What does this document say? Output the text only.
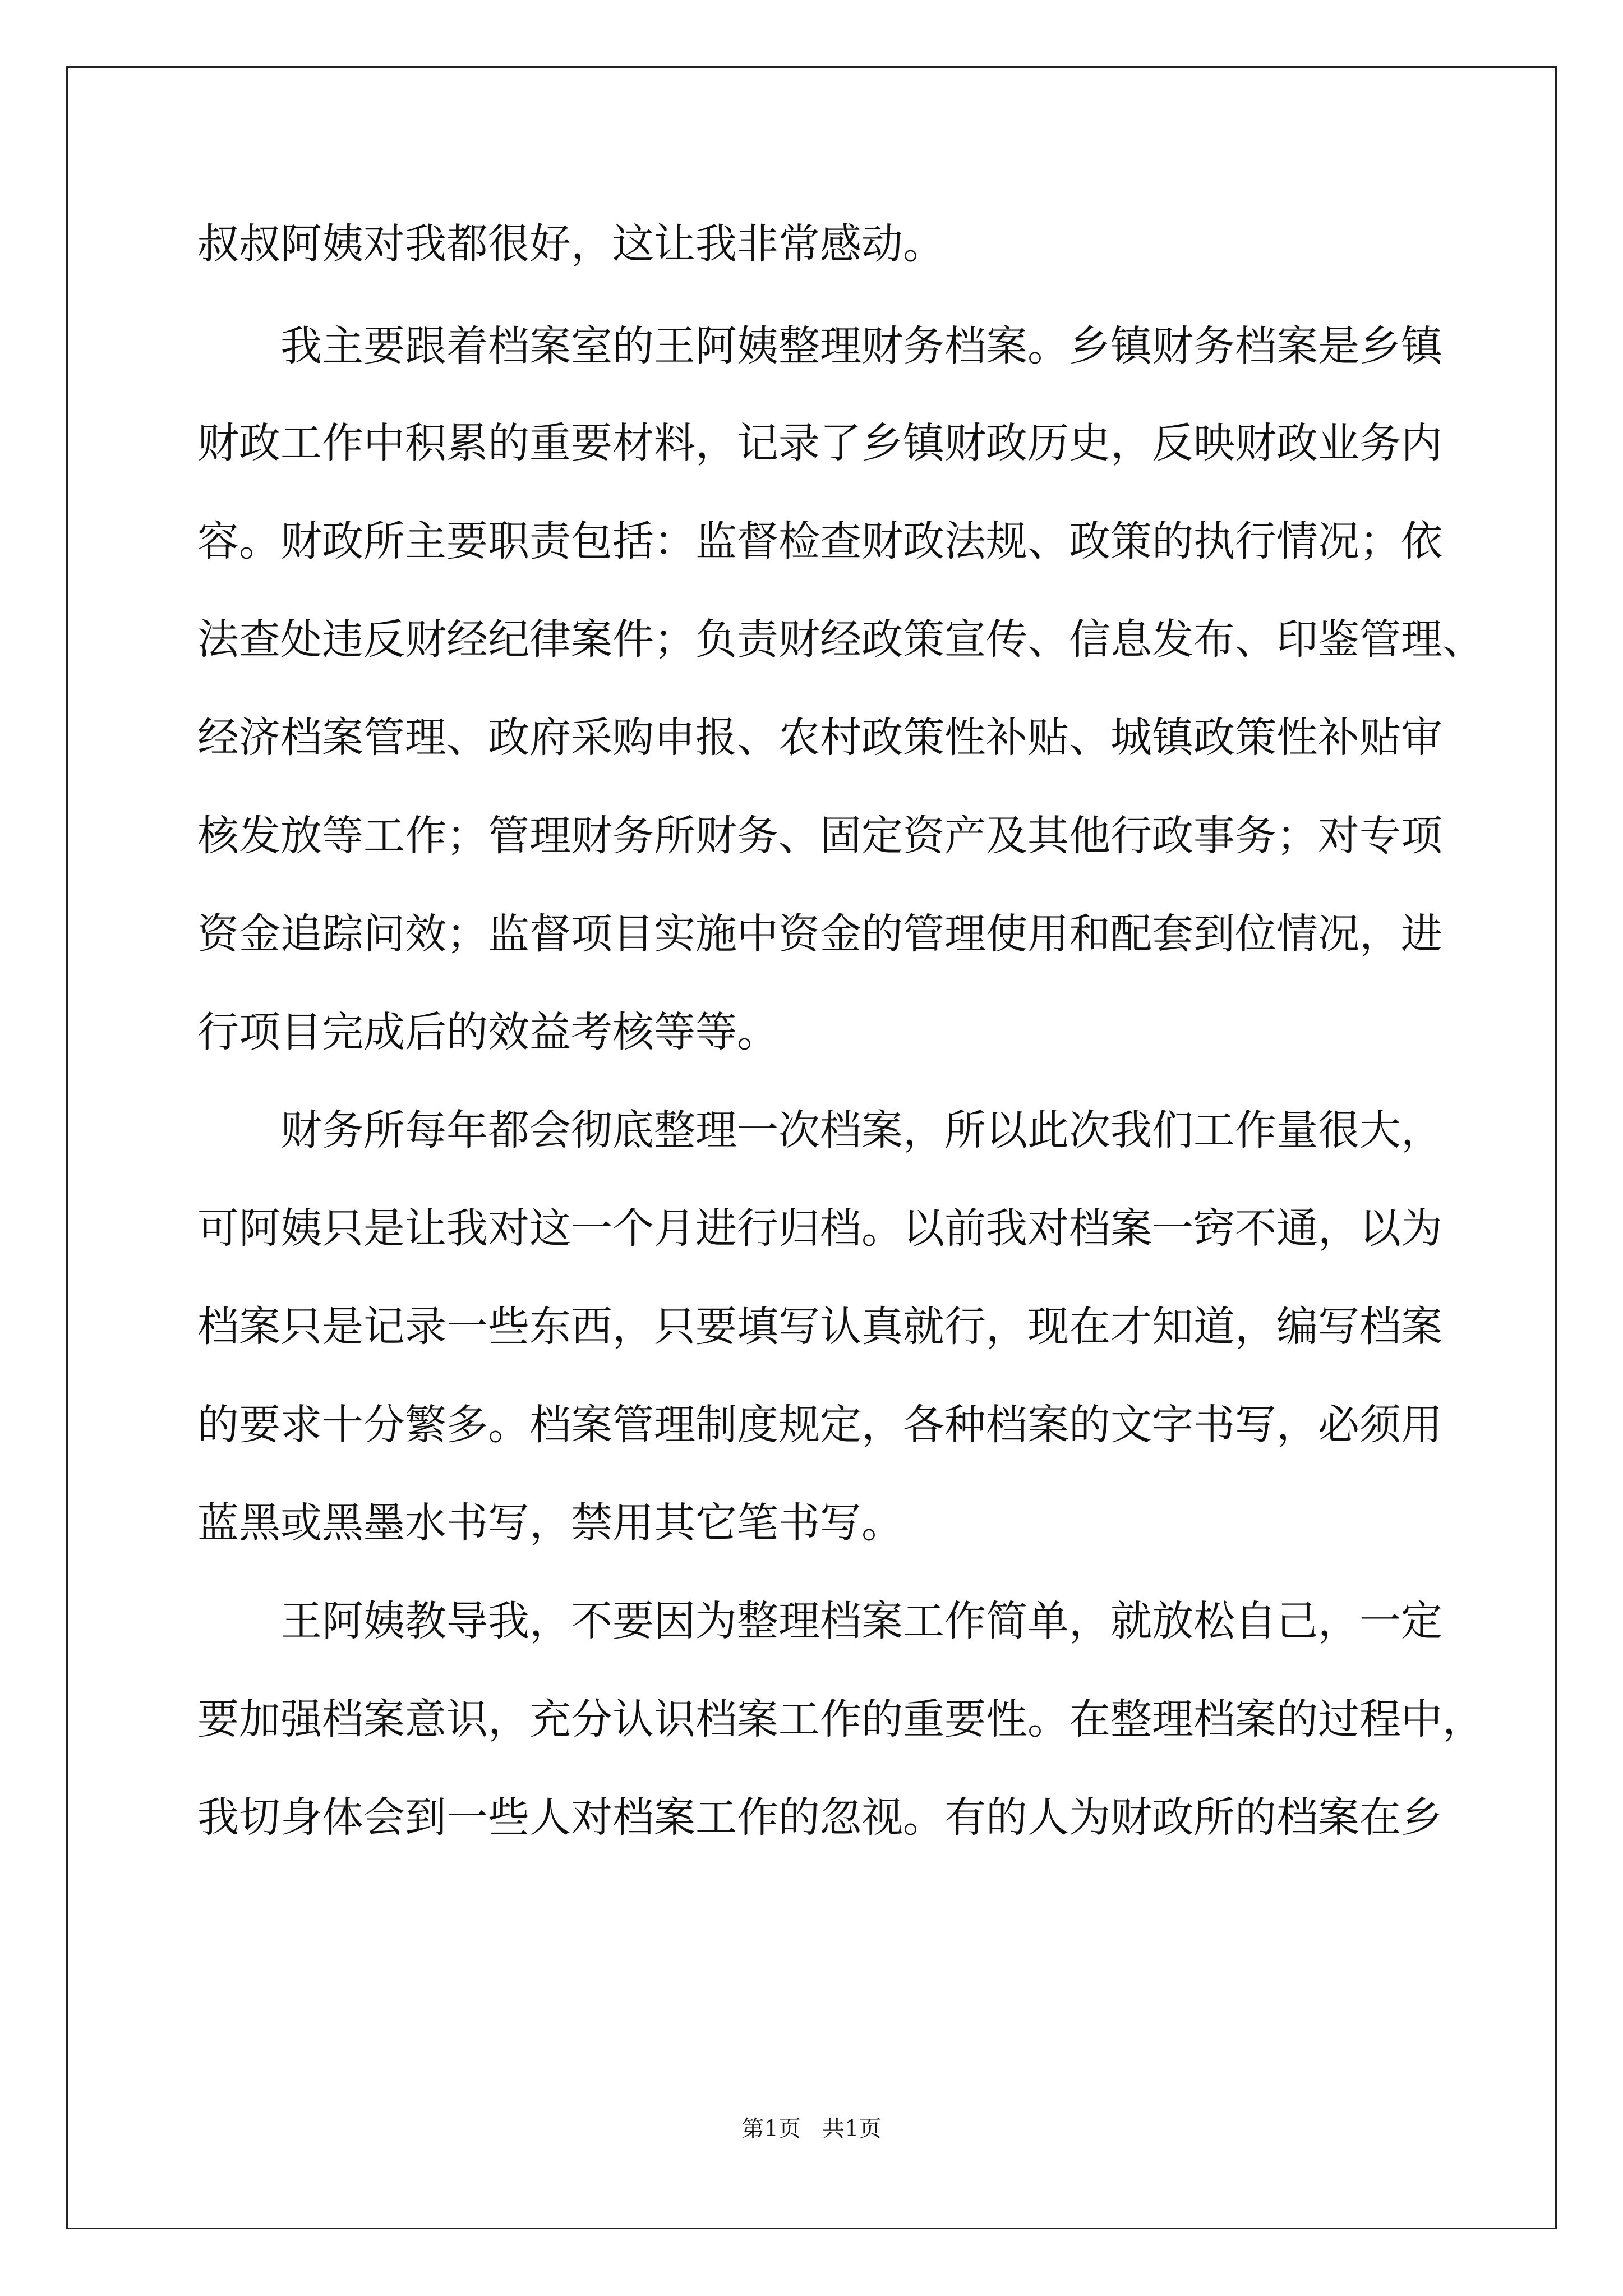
叔叔阿姨对我都很好，这让我非常感动。

我主要跟着档案室的王阿姨整理财务档案。乡镇财务档案是乡镇

财政工作中积累的重要材料，记录了乡镇财政历史，反映财政业务内

容。财政所主要职责包括：监督检查财政法规、政策的执行情况；依

法查处违反财经纪律案件；负责财经政策宣传、信息发布、印鉴管理、

经济档案管理、政府采购申报、农村政策性补贴、城镇政策性补贴审

核发放等工作；管理财务所财务、固定资产及其他行政事务；对专项

资金追踪问效；监督项目实施中资金的管理使用和配套到位情况，进

行项目完成后的效益考核等等。

财务所每年都会彻底整理一次档案，所以此次我们工作量很大，

可阿姨只是让我对这一个月进行归档。以前我对档案一窍不通，以为

档案只是记录一些东西，只要填写认真就行，现在才知道，编写档案

的要求十分繁多。档案管理制度规定，各种档案的文字书写，必须用

蓝黑或黑墨水书写，禁用其它笔书写。

王阿姨教导我，不要因为整理档案工作简单，就放松自己，一定

要加强档案意识，充分认识档案工作的重要性。在整理档案的过程中，

我切身体会到一些人对档案工作的忽视。有的人为财政所的档案在乡

第1页   共1页
